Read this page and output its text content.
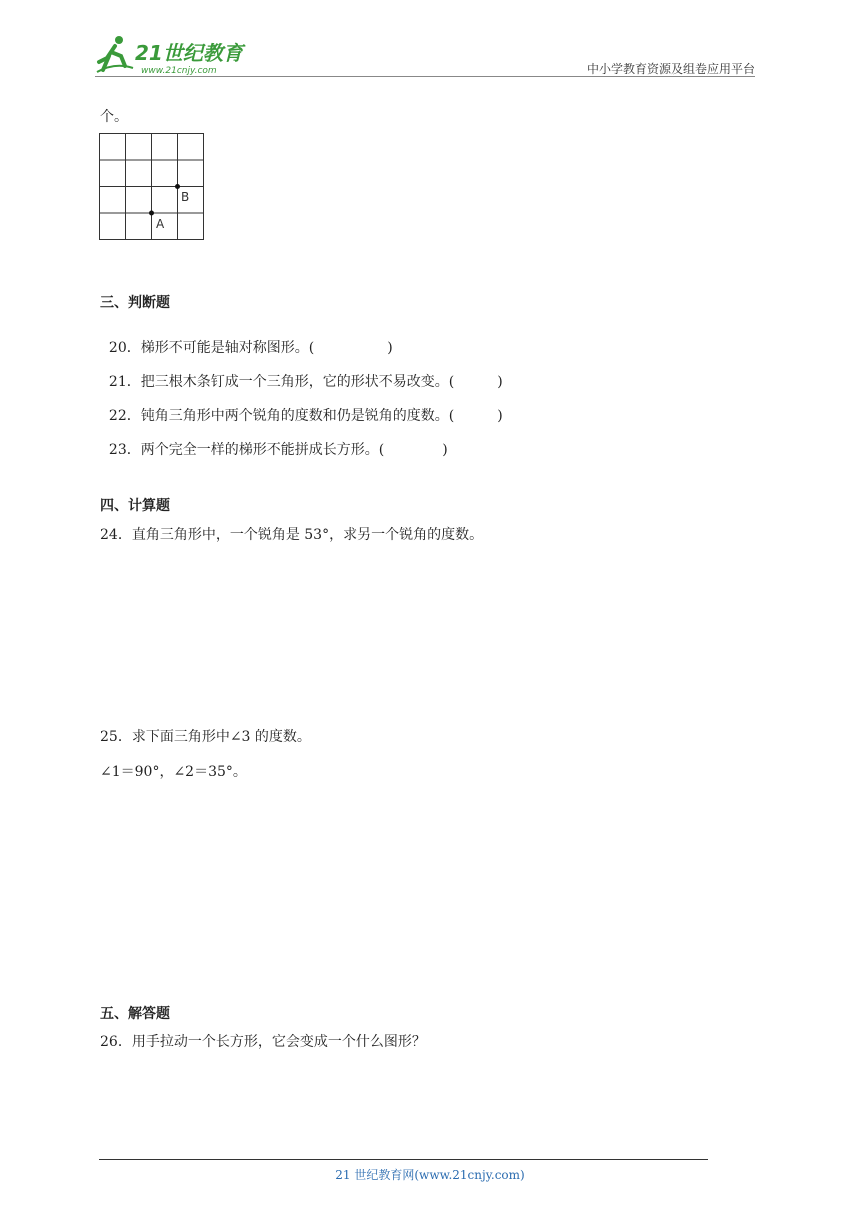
21世纪教育
www.21cnjy.com	中小学教育资源及组卷应用平台
个。
A
B
三、判断题

20．梯形不可能是轴对称图形。(	)

21．把三根木条钉成一个三角形，它的形状不易改变。(	)

22．钝角三角形中两个锐角的度数和仍是锐角的度数。(	)

23．两个完全一样的梯形不能拼成长方形。(	)

四、计算题
24．直角三角形中，一个锐角是 53°，求另一个锐角的度数。
25．求下面三角形中∠3 的度数。
∠1＝90°，∠2＝35°。
五、解答题
26．用手拉动一个长方形，它会变成一个什么图形？
21 世纪教育网(www.21cnjy.com)
